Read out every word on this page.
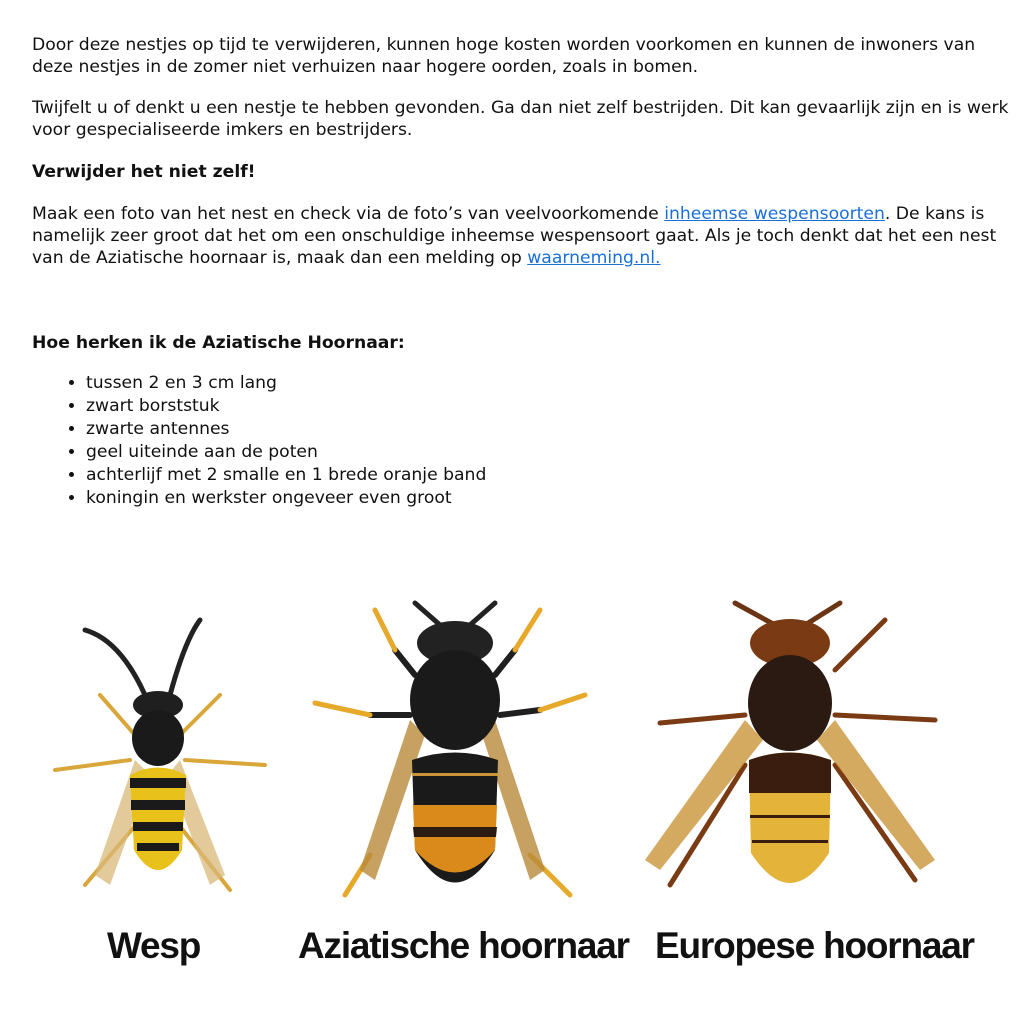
Door deze nestjes op tijd te verwijderen, kunnen hoge kosten worden voorkomen en kunnen de inwoners van deze nestjes in de zomer niet verhuizen naar hogere oorden, zoals in bomen.

Twijfelt u of denkt u een nestje te hebben gevonden. Ga dan niet zelf bestrijden. Dit kan gevaarlijk zijn en is werk voor gespecialiseerde imkers en bestrijders.

Verwijder het niet zelf!

Maak een foto van het nest en check via de foto’s van veelvoorkomende inheemse wespensoorten. De kans is namelijk zeer groot dat het om een onschuldige inheemse wespensoort gaat. Als je toch denkt dat het een nest van de Aziatische hoornaar is, maak dan een melding op waarneming.nl.

Hoe herken ik de Aziatische Hoornaar:

• tussen 2 en 3 cm lang
• zwart borststuk
• zwarte antennes
• geel uiteinde aan de poten
• achterlijf met 2 smalle en 1 brede oranje band
• koningin en werkster ongeveer even groot
Wesp	Aziatische hoornaar Europese hoornaar
